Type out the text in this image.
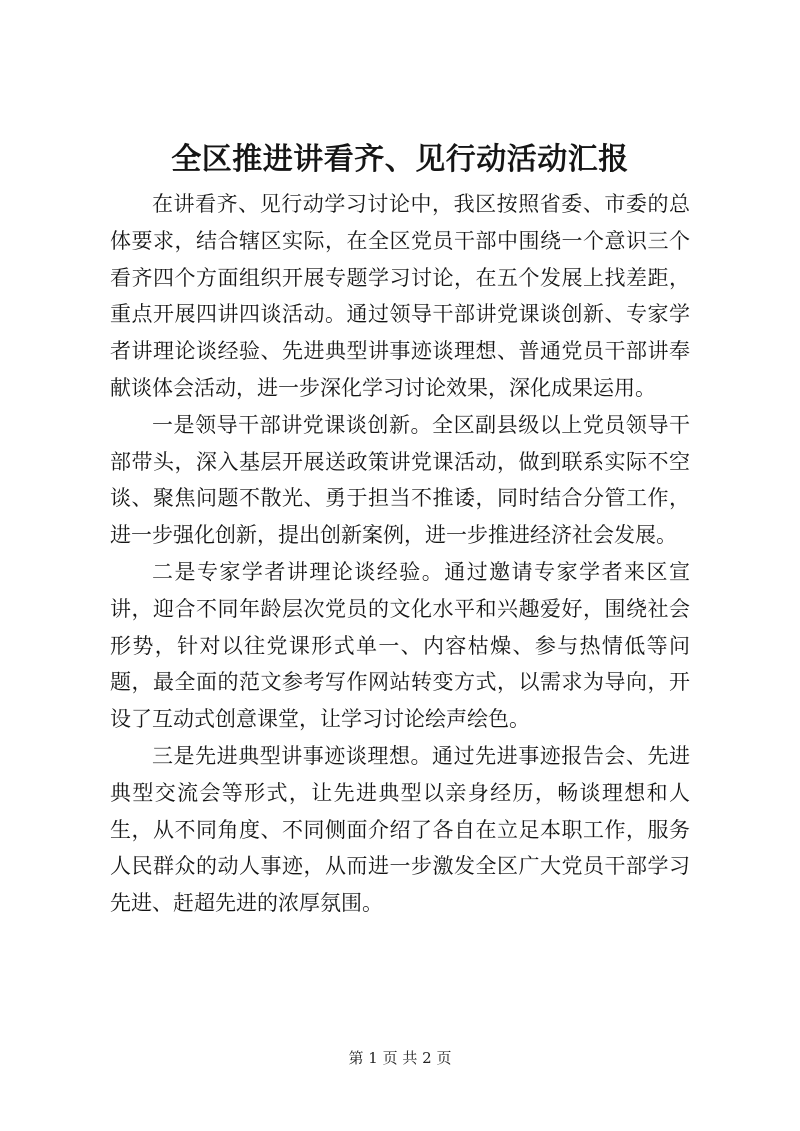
全区推进讲看齐、见行动活动汇报

在讲看齐、见行动学习讨论中，我区按照省委、市委的总体要求，结合辖区实际，在全区党员干部中围绕一个意识三个看齐四个方面组织开展专题学习讨论，在五个发展上找差距，重点开展四讲四谈活动。通过领导干部讲党课谈创新、专家学者讲理论谈经验、先进典型讲事迹谈理想、普通党员干部讲奉献谈体会活动，进一步深化学习讨论效果，深化成果运用。

一是领导干部讲党课谈创新。全区副县级以上党员领导干部带头，深入基层开展送政策讲党课活动，做到联系实际不空谈、聚焦问题不散光、勇于担当不推诿，同时结合分管工作，进一步强化创新，提出创新案例，进一步推进经济社会发展。

二是专家学者讲理论谈经验。通过邀请专家学者来区宣讲，迎合不同年龄层次党员的文化水平和兴趣爱好，围绕社会形势，针对以往党课形式单一、内容枯燥、参与热情低等问题，最全面的范文参考写作网站转变方式，以需求为导向，开设了互动式创意课堂，让学习讨论绘声绘色。

三是先进典型讲事迹谈理想。通过先进事迹报告会、先进典型交流会等形式，让先进典型以亲身经历，畅谈理想和人生，从不同角度、不同侧面介绍了各自在立足本职工作，服务人民群众的动人事迹，从而进一步激发全区广大党员干部学习先进、赶超先进的浓厚氛围。

第 1 页 共 2 页
